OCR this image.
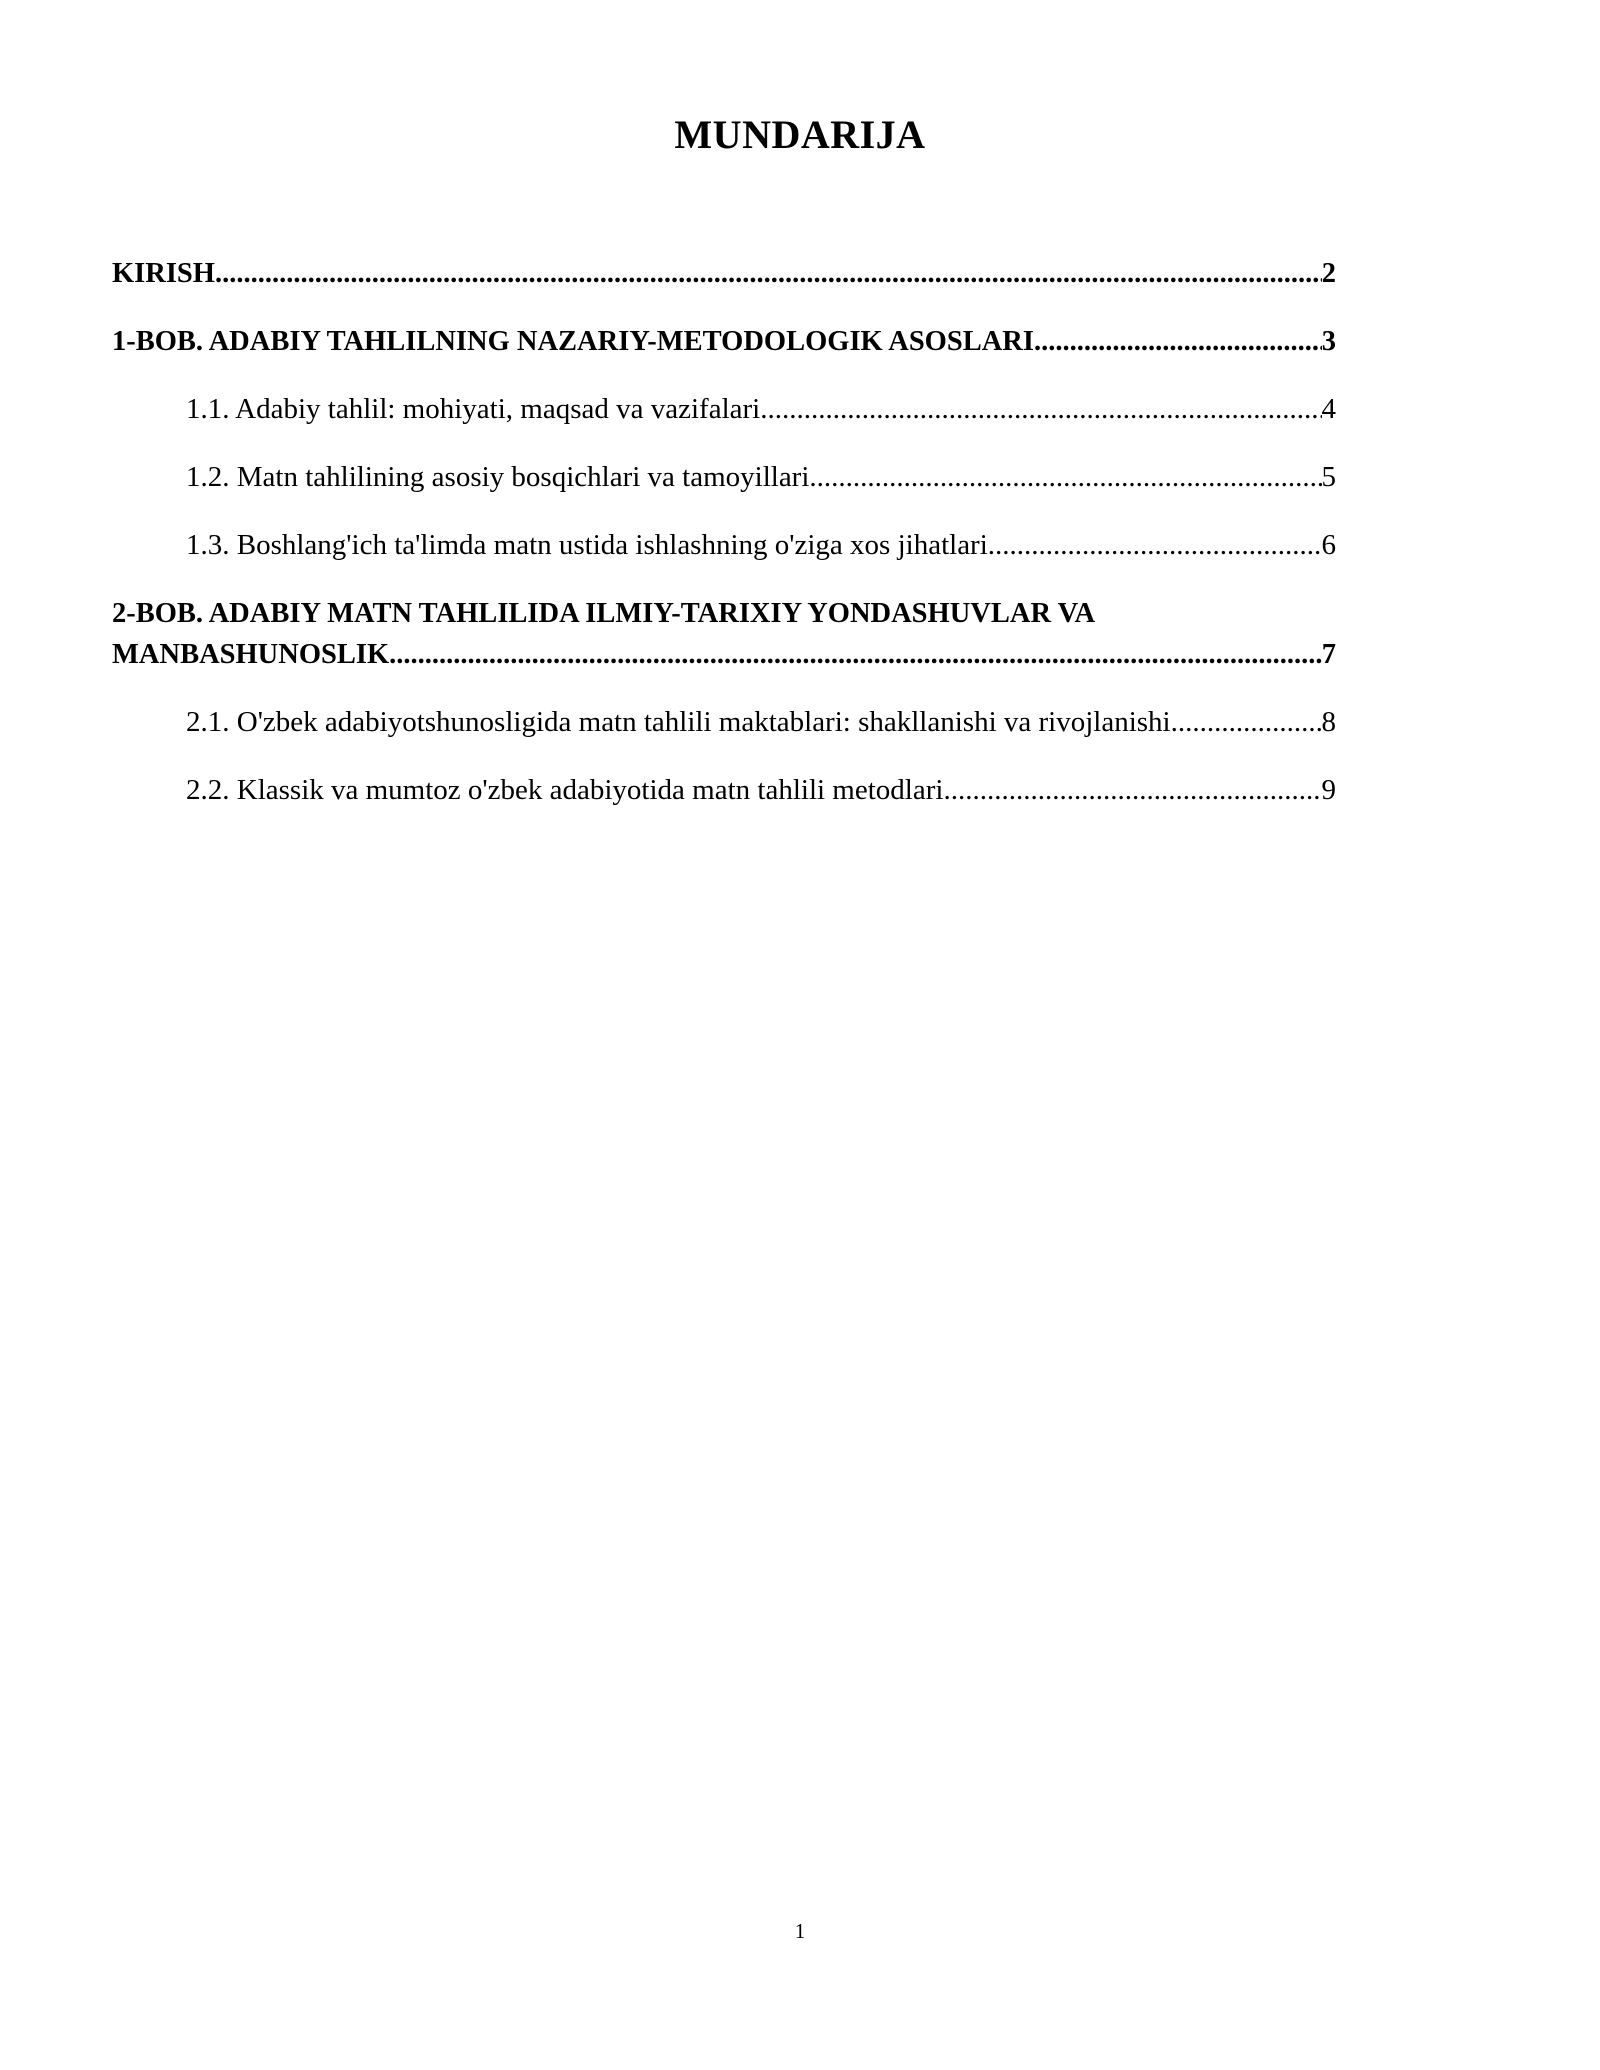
MUNDARIJA
KIRISH .....	2
1-BOB. ADABIY TAHLILNING NAZARIY-METODOLOGIK ASOSLARI .....	3
1.1. Adabiy tahlil: mohiyati, maqsad va vazifalari .....	4
1.2. Matn tahlilining asosiy bosqichlari va tamoyillari .....	5
1.3. Boshlang'ich ta'limda matn ustida ishlashning o'ziga xos jihatlari .....	6
2-BOB. ADABIY MATN TAHLILIDA ILMIY-TARIXIY YONDASHUVLAR VA
MANBASHUNOSLIK .....	7
2.1. O'zbek adabiyotshunosligida matn tahlili maktablari: shakllanishi va rivojlanishi .....	8
2.2. Klassik va mumtoz o'zbek adabiyotida matn tahlili metodlari .....	9
1
